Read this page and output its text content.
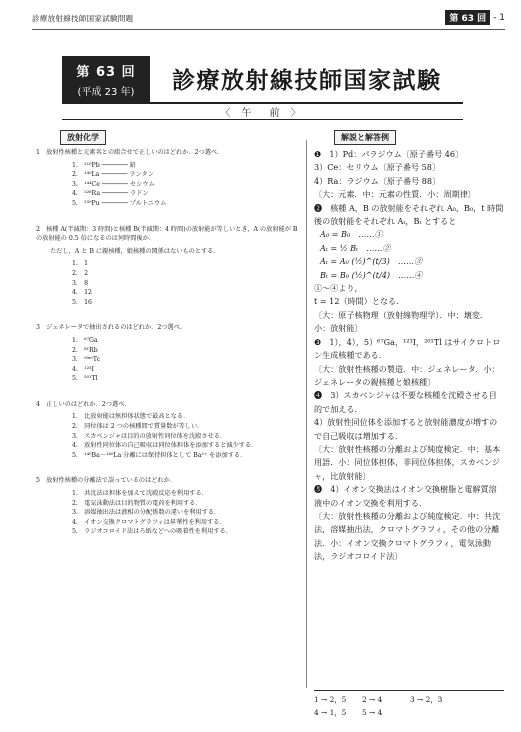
診療放射線技師国家試験問題	第 63 回 - 1
第 63 回
(平成 23 年)	診療放射線技師国家試験
〈 午　前 〉
放射化学	解説と解答例
1　放射性核種と元素名との組合せで正しいのはどれか．2つ選べ．
1.　²¹⁰Pb ─────── 鉛
2.　¹⁴⁰La ─────── ランタン
3.　¹⁴⁴Ce ─────── セシウム
4.　²²⁶Ra ─────── ラドン
5.　²³⁹Pu ─────── プルトニウム
2　核種 A(半減期：3 時間)と核種 B(半減期：4 時間)の放射能が等しいとき，A の放射能が B の放射能の 0.5 倍になるのは何時間後か．
ただし，A と B に親核種，娘核種の関係はないものとする．
1.　1
2.　2
3.　8
4.　12
5.　16
3　ジェネレータで抽出されるのはどれか．2つ選べ．
1.　⁶⁷Ga
2.　⁸¹Rb
3.　⁹⁹ᵐTc
4.　¹²³I
5.　²⁰¹Tl
4　正しいのはどれか．2つ選べ．
1.　比放射能は無担体状態で最高となる．
2.　同位体は 2 つの核種間で質量数が等しい．
3.　スカベンジャは目的の放射性同位体を沈殿させる．
4.　放射性同位体の自己吸収は同位体担体を添加すると減少する．
5.　¹⁴⁰Ba－¹⁴⁰La 分離には保持担体として Ba²⁺ を添加する．
5　放射性核種の分離法で誤っているのはどれか．
1.　共沈法は担体を加えて沈殿反応を利用する．
2.　電気泳動法は目的物質の電荷を利用する．
3.　溶媒抽出法は液相の分配係数の違いを利用する．
4.　イオン交換クロマトグラフィは昇華性を利用する．
5.　ラジオコロイド法はろ紙などへの吸着性を利用する．
❶　1）Pd：パラジウム〔原子番号 46〕
3）Ce：セリウム〔原子番号 58〕
4）Ra：ラジウム〔原子番号 88〕
〔大：元素．中：元素の性質．小：周期律〕
❷　核種 A，B の放射能をそれぞれ A₀，B₀，t 時間後の放射能をそれぞれ Aₜ，Bₜ とすると
A₀ = B₀　……①
Aₜ = ½ Bₜ　……②
Aₜ = A₀ (½)^(t/3)　……③
Bₜ = B₀ (½)^(t/4)　……④
①〜④より，
t = 12（時間）となる．
〔大：原子核物理（放射線物理学）．中：壊変．小：放射能〕
❸　1），4），5）⁶⁷Ga，¹²³I，²⁰¹Tl はサイクロトロン生成核種である．
〔大：放射性核種の製造．中：ジェネレータ．小：ジェネレータの親核種と娘核種〕
❹　3）スカベンジャは不要な核種を沈殿させる目的で加える．
4）放射性同位体を添加すると放射能濃度が増すので自己吸収は増加する．
〔大：放射性核種の分離および純度検定．中：基本用語．小：同位体担体，非同位体担体，スカベンジャ，比放射能〕
❺　4）イオン交換法はイオン交換樹脂と電解質溶液中のイオン交換を利用する．
〔大：放射性核種の分離および純度検定．中：共沈法，溶媒抽出法，クロマトグラフィ，その他の分離法．小：イオン交換クロマトグラフィ，電気泳動法，ラジオコロイド法〕
1 → 2，5	2 → 4	3 → 2，3
4 → 1，5	5 → 4
